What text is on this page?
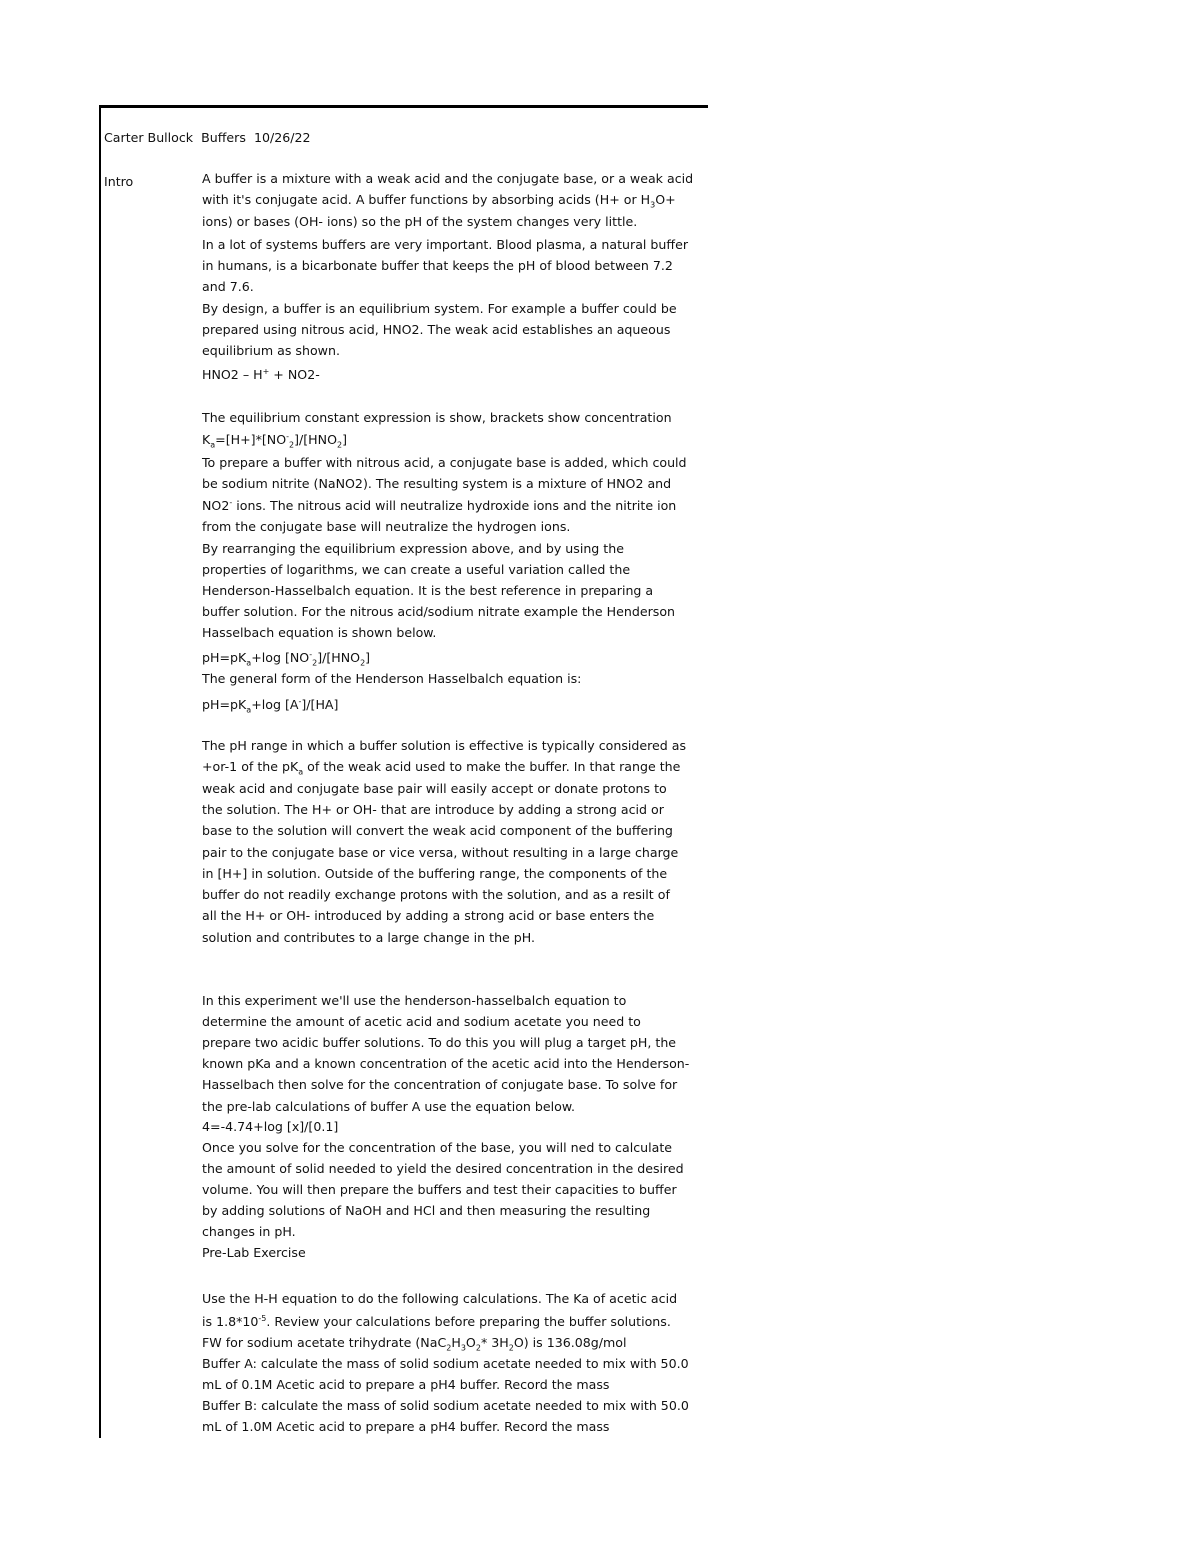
Carter Bullock Buffers 10/26/22
Intro	A buffer is a mixture with a weak acid and the conjugate base, or a weak acid
with it's conjugate acid. A buffer functions by absorbing acids (H+ or $H_3O+$
ions) or bases (OH- ions) so the pH of the system changes very little.
In a lot of systems buffers are very important. Blood plasma, a natural buffer
in humans, is a bicarbonate buffer that keeps the pH of blood between 7.2
and 7.6.
By design, a buffer is an equilibrium system. For example a buffer could be
prepared using nitrous acid, HNO2. The weak acid establishes an aqueous
equilibrium as shown.
HNO2 – H+ + NO2-
The equilibrium constant expression is show, brackets show concentration
$K_a=[H+]*[NO^-_2]/[HNO_2]$
To prepare a buffer with nitrous acid, a conjugate base is added, which could
be sodium nitrite (NaNO2). The resulting system is a mixture of HNO2 and
NO2- ions. The nitrous acid will neutralize hydroxide ions and the nitrite ion
from the conjugate base will neutralize the hydrogen ions.
By rearranging the equilibrium expression above, and by using the
properties of logarithms, we can create a useful variation called the
Henderson-Hasselbalch equation. It is the best reference in preparing a
buffer solution. For the nitrous acid/sodium nitrate example the Henderson
Hasselbach equation is shown below.
$pH=pK_a+\log$ $[NO^-_2]/[HNO_2]$
The general form of the Henderson Hasselbalch equation is:
$pH=pK_a+\log$ [A-]/[HA]
The pH range in which a buffer solution is effective is typically considered as
+or-1 of the $pK_a$ of the weak acid used to make the buffer. In that range the
weak acid and conjugate base pair will easily accept or donate protons to
the solution. The H+ or OH- that are introduce by adding a strong acid or
base to the solution will convert the weak acid component of the buffering
pair to the conjugate base or vice versa, without resulting in a large charge
in [H+] in solution. Outside of the buffering range, the components of the
buffer do not readily exchange protons with the solution, and as a resilt of
all the H+ or OH- introduced by adding a strong acid or base enters the
solution and contributes to a large change in the pH.
In this experiment we'll use the henderson-hasselbalch equation to
determine the amount of acetic acid and sodium acetate you need to
prepare two acidic buffer solutions. To do this you will plug a target pH, the
known pKa and a known concentration of the acetic acid into the Henderson-
Hasselbach then solve for the concentration of conjugate base. To solve for
the pre-lab calculations of buffer A use the equation below.
4=-4.74+log [x]/[0.1]
Once you solve for the concentration of the base, you will ned to calculate
the amount of solid needed to yield the desired concentration in the desired
volume. You will then prepare the buffers and test their capacities to buffer
by adding solutions of NaOH and HCl and then measuring the resulting
changes in pH.
Pre-Lab Exercise
Use the H-H equation to do the following calculations. The Ka of acetic acid
is $1.8*10^{-5}$. Review your calculations before preparing the buffer solutions.
FW for sodium acetate trihydrate ($NaC_2H_3O_2*$ $3H_2O$) is 136.08g/mol
Buffer A: calculate the mass of solid sodium acetate needed to mix with 50.0
mL of 0.1M Acetic acid to prepare a pH4 buffer. Record the mass
Buffer B: calculate the mass of solid sodium acetate needed to mix with 50.0
mL of 1.0M Acetic acid to prepare a pH4 buffer. Record the mass
